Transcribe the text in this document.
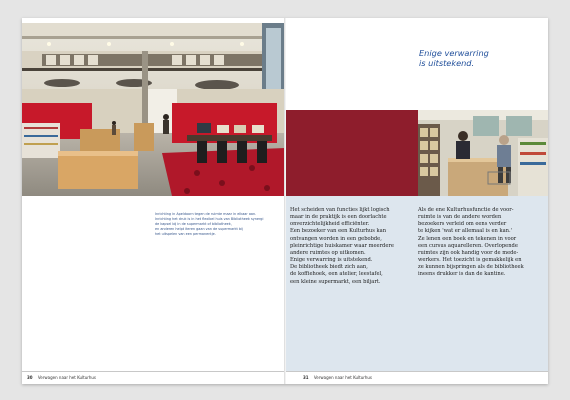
Inrichting in Apeldoorn tegen de ruimte maar in elkaar aan.
Inrichting het druk is in het flexibel huis van Bibliotheek synergi
de kapsel bij in de supermarkt of bibliotheek,
en anderen helpt iteren gaan van de supermarkt bij
het uitspelen van een permanentje.
30 Verwagen naar het Kulturhus
Enige verwarring
is uitstekend.
Het scheiden van functies lijkt logisch
maar in de praktijk is een doorlachte
onverzichtelijkheid efficiënter.
Een bezoeker van een Kulturhus kan
ontvangen worden in een gebobde,
pleinrichtige huiskamer waar meerdere
andere ruimtes op uitkomen.
Enige verwarring is uitstekend.
De bibliotheek biedt zich aan,
de koffiehoek, een atelier, leestafel,
een kleine supermarkt, een biljart.
Als de ene Kulturhusfunctie de voor-
ruimte is van de andere worden
bezoekers verleid om eens verder
te kijken 'wat er allemaal is en kan.'
Ze lenen een boek en tekenen in voor
een cursus aquarelleren. Overlopende
ruimtes zijn ook handig voor de mede-
werkers. Het toezicht is gemakkelijk en
ze kunnen bijspringen als de bibliotheek
ineens drukker is dan de kantine.
31 Verwagen naar het Kulturhus
